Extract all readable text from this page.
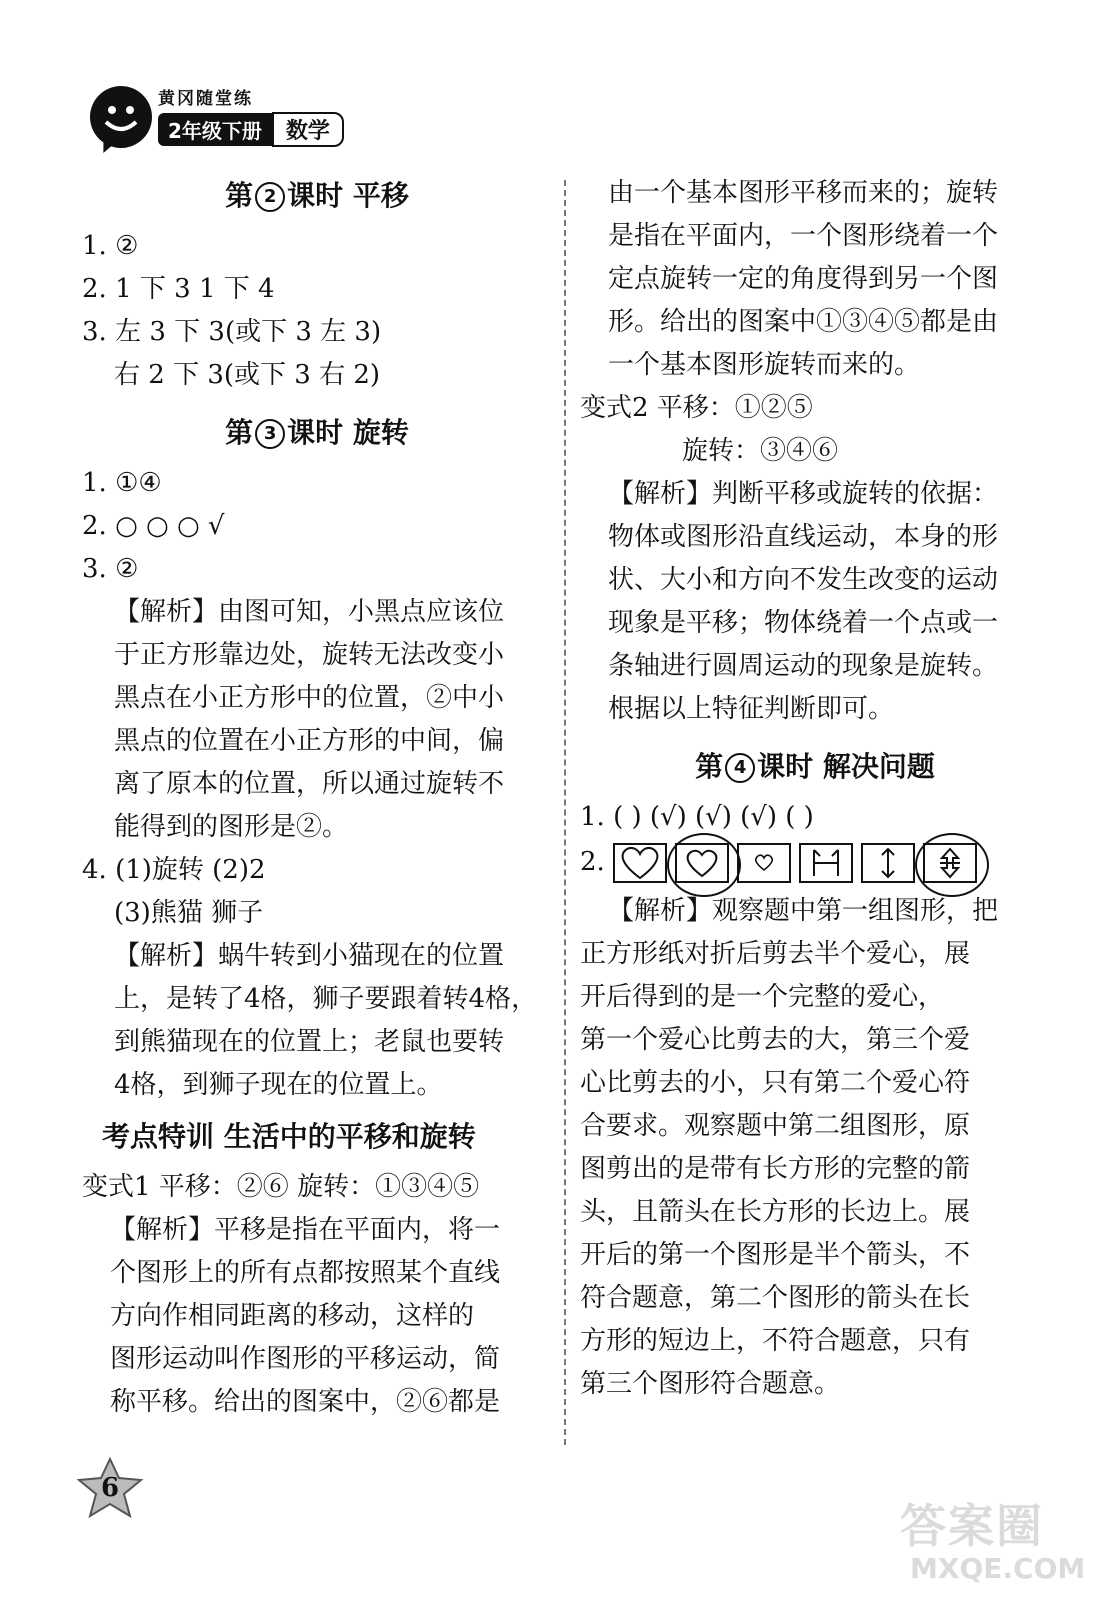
黄冈随堂练
2年级下册	数学
第 2 课时 平移

1. ②

2. 1 下 3 1 下 4

3. 左 3 下 3(或下 3 左 3)

右 2 下 3(或下 3 右 2)

第 3 课时 旋转

1. ①④

2. ○ ○ ○ √

3. ②

【解析】由图可知，小黑点应该位

于正方形靠边处，旋转无法改变小

黑点在小正方形中的位置，②中小

黑点的位置在小正方形的中间，偏

离了原本的位置，所以通过旋转不

能得到的图形是②。

4. (1)旋转 (2)2

(3)熊猫 狮子

【解析】蜗牛转到小猫现在的位置

上，是转了4格，狮子要跟着转4格，

到熊猫现在的位置上；老鼠也要转

4格，到狮子现在的位置上。

考点特训 生活中的平移和旋转

变式1 平移：②⑥ 旋转：①③④⑤

【解析】平移是指在平面内，将一

个图形上的所有点都按照某个直线

方向作相同距离的移动，这样的

图形运动叫作图形的平移运动，简

称平移。给出的图案中，②⑥都是

由一个基本图形平移而来的；旋转

是指在平面内，一个图形绕着一个

定点旋转一定的角度得到另一个图

形。给出的图案中①③④⑤都是由

一个基本图形旋转而来的。

变式2 平移：①②⑤

旋转：③④⑥

【解析】判断平移或旋转的依据：

物体或图形沿直线运动，本身的形

状、大小和方向不发生改变的运动

现象是平移；物体绕着一个点或一

条轴进行圆周运动的现象是旋转。

根据以上特征判断即可。

第 4 课时 解决问题

1. ( ) (√) (√) (√) ( )

2.

【解析】观察题中第一组图形，把

正方形纸对折后剪去半个爱心，展

开后得到的是一个完整的爱心，

第一个爱心比剪去的大，第三个爱

心比剪去的小，只有第二个爱心符

合要求。观察题中第二组图形，原

图剪出的是带有长方形的完整的箭

头，且箭头在长方形的长边上。展

开后的第一个图形是半个箭头，不

符合题意，第二个图形的箭头在长

方形的短边上，不符合题意，只有

第三个图形符合题意。

6
答案圈
MXQE.COM
